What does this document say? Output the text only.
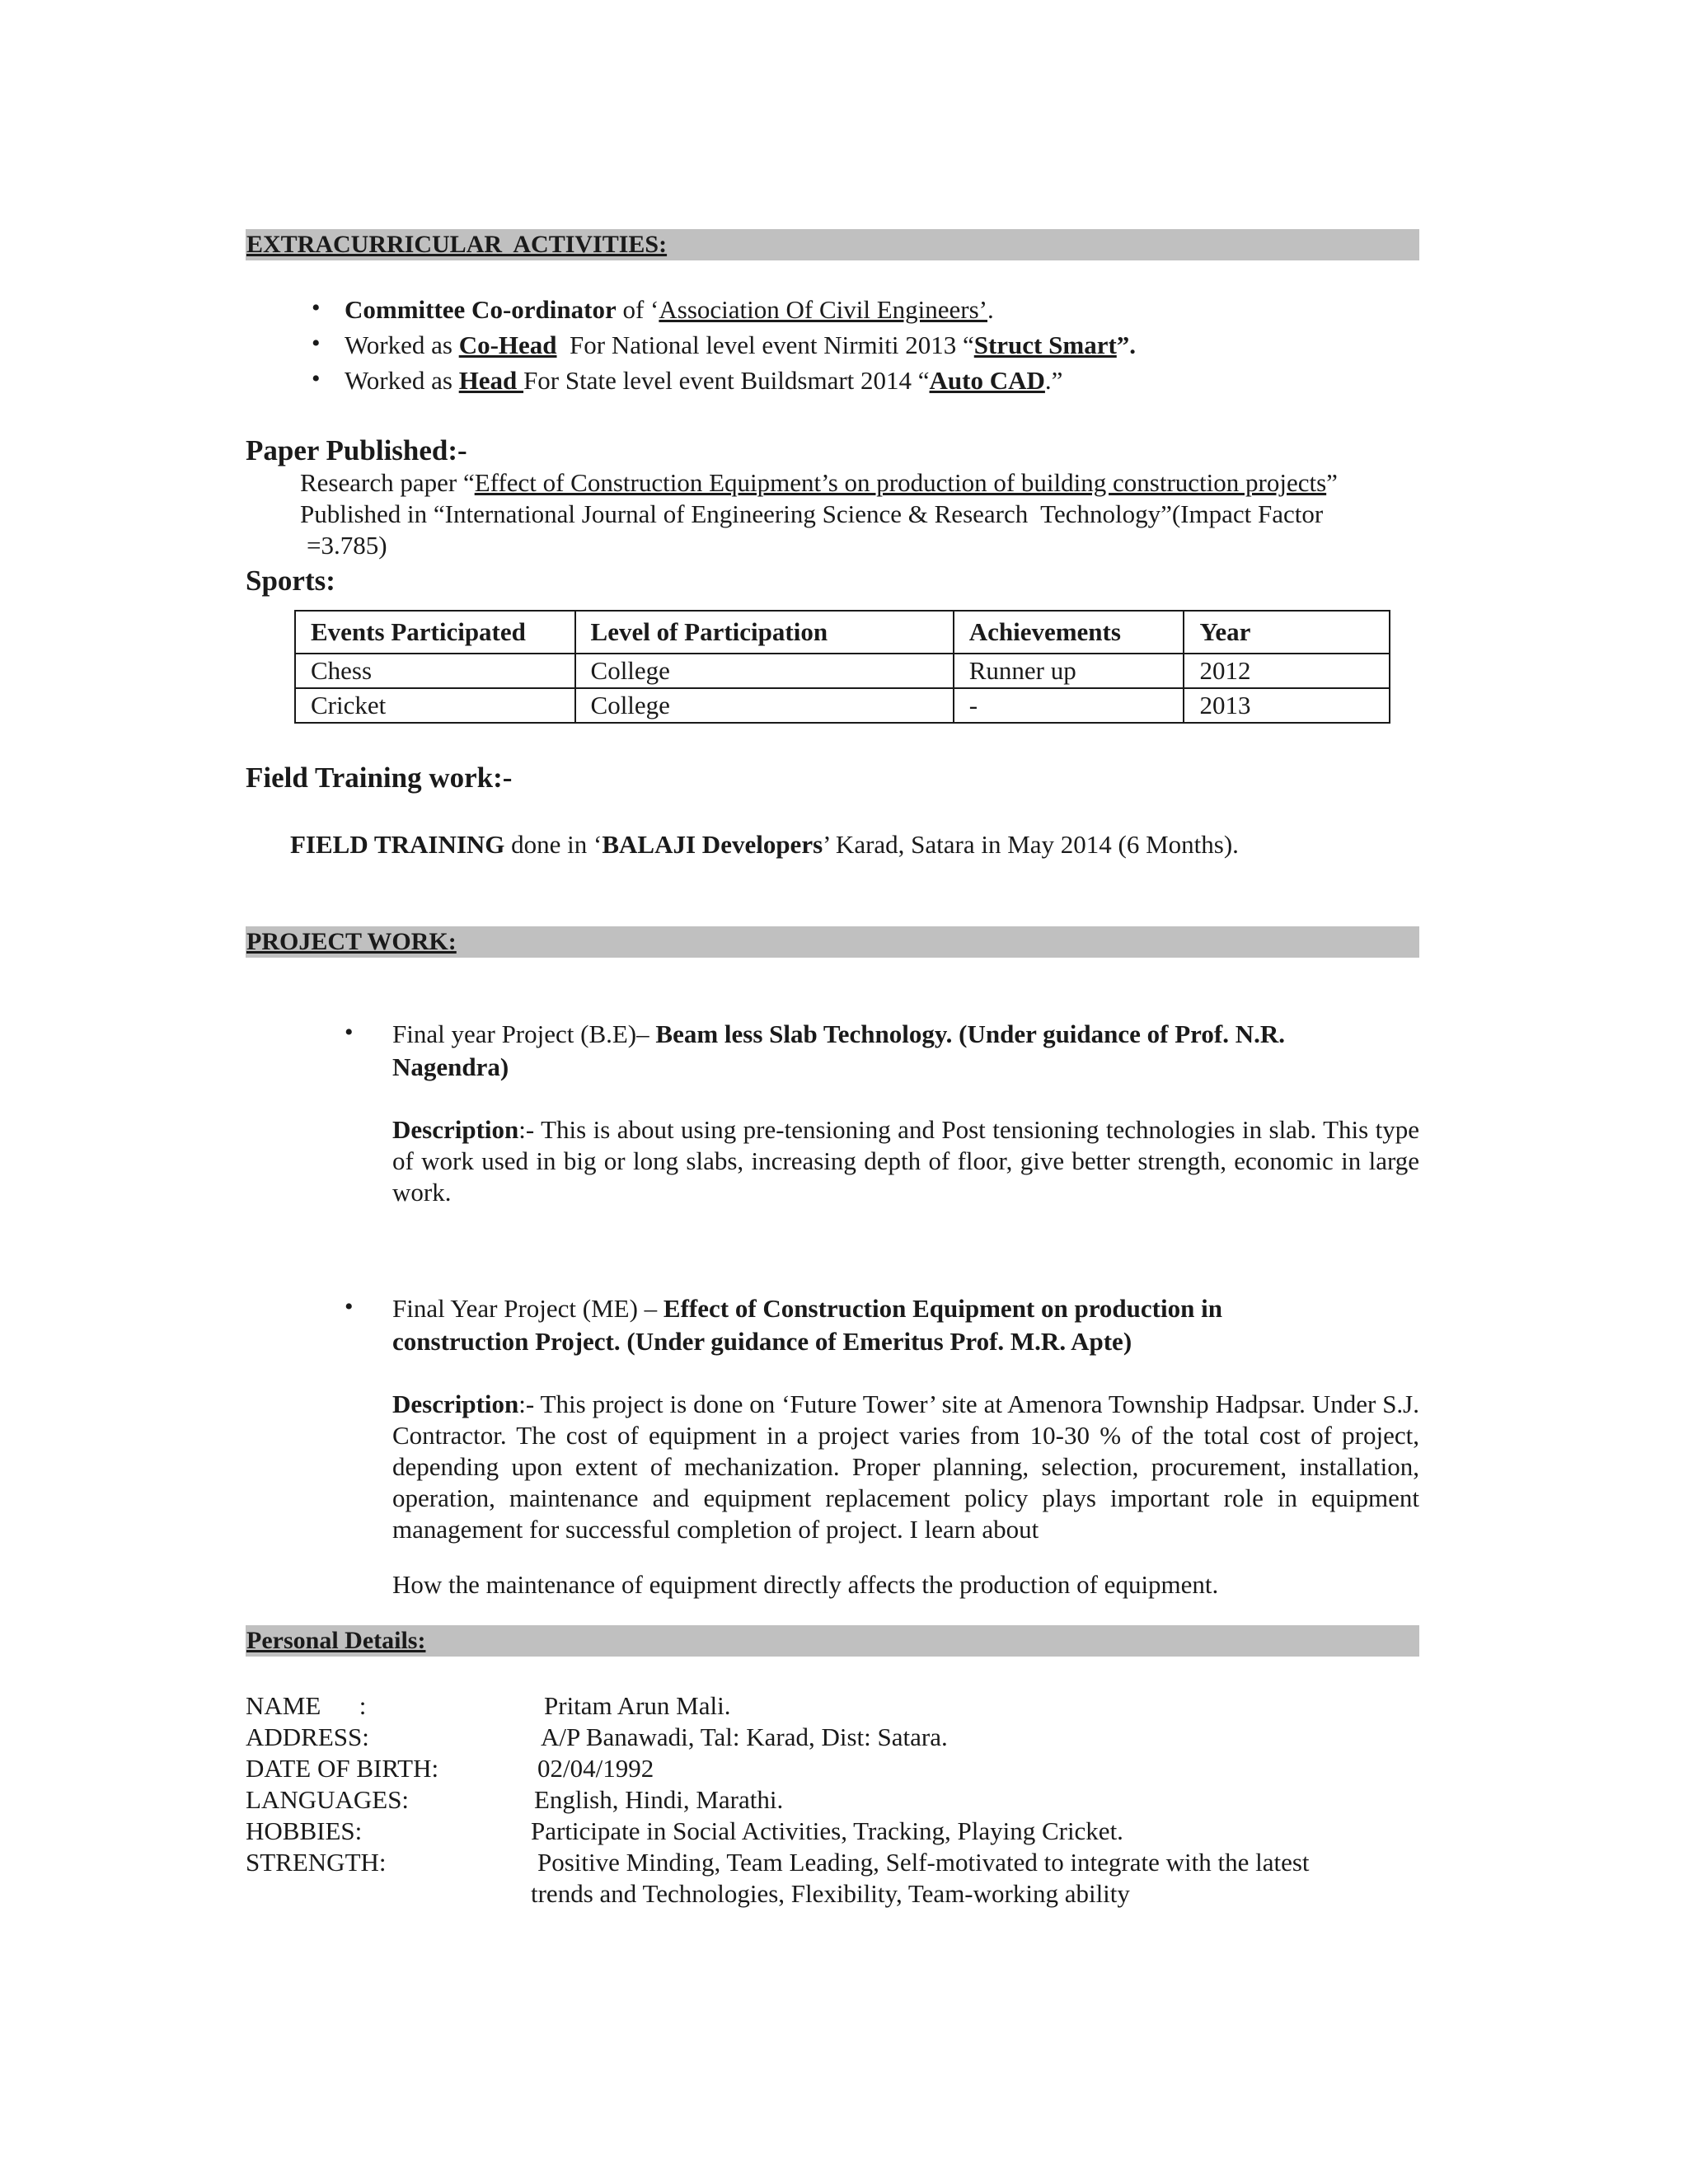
EXTRACURRICULAR  ACTIVITIES:
• Committee Co-ordinator of ‘Association Of Civil Engineers’.
• Worked as Co-Head  For National level event Nirmiti 2013 “Struct Smart”.
• Worked as Head For State level event Buildsmart 2014 “Auto CAD.”
Paper Published:-
Research paper “Effect of Construction Equipment’s on production of building construction projects”
Published in “International Journal of Engineering Science & Research  Technology”(Impact Factor
=3.785)
Sports:
Events Participated	Level of Participation	Achievements	Year
Chess	College	Runner up	2012
Cricket	College	-	2013
Field Training work:-
FIELD TRAINING done in ‘BALAJI Developers’ Karad, Satara in May 2014 (6 Months).
PROJECT WORK:
• Final year Project (B.E)– Beam less Slab Technology. (Under guidance of Prof. N.R.
Nagendra)
Description:- This is about using pre-tensioning and Post tensioning technologies in slab. This type of work used in big or long slabs, increasing depth of floor, give better strength, economic in large work.
• Final Year Project (ME) – Effect of Construction Equipment on production in
construction Project. (Under guidance of Emeritus Prof. M.R. Apte)
Description:- This project is done on ‘Future Tower’ site at Amenora Township Hadpsar. Under S.J. Contractor. The cost of equipment in a project varies from 10-30 % of the total cost of project, depending upon extent of mechanization. Proper planning, selection, procurement, installation, operation, maintenance and equipment replacement policy plays important role in equipment management for successful completion of project. I learn about
How the maintenance of equipment directly affects the production of equipment.
Personal Details:
NAME      :	Pritam Arun Mali.
ADDRESS:	A/P Banawadi, Tal: Karad, Dist: Satara.
DATE OF BIRTH:	02/04/1992
LANGUAGES:	English, Hindi, Marathi.
HOBBIES:	Participate in Social Activities, Tracking, Playing Cricket.
STRENGTH:	Positive Minding, Team Leading, Self-motivated to integrate with the latest
trends and Technologies, Flexibility, Team-working ability
